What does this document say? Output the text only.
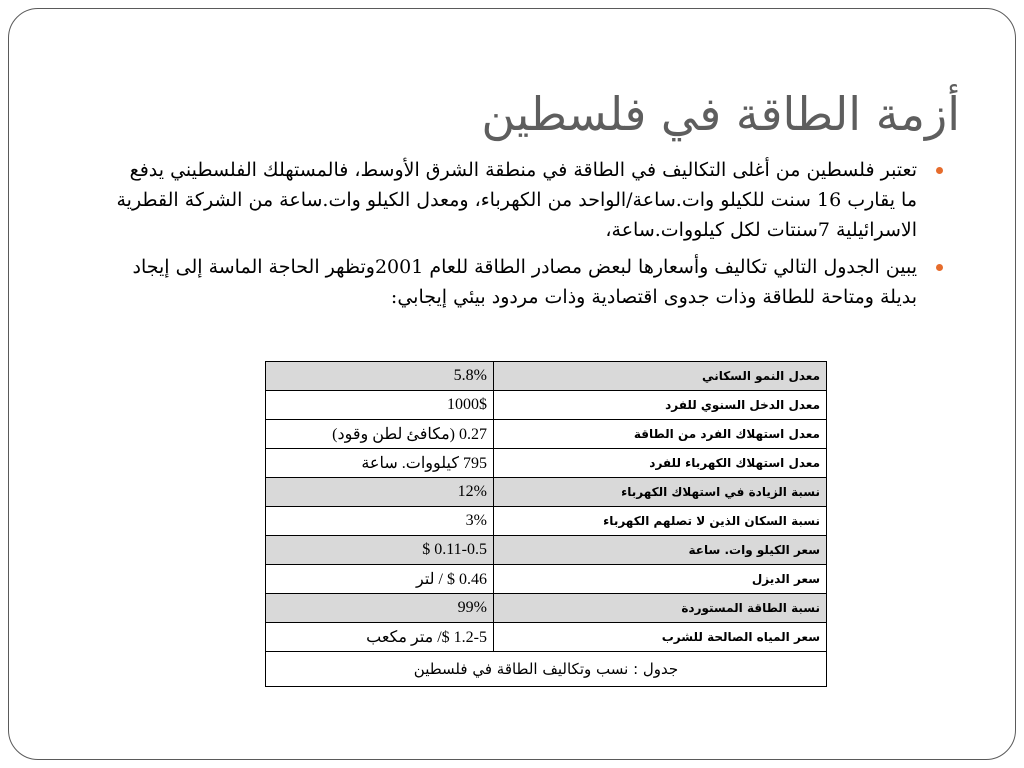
أزمة الطاقة في فلسطين
تعتبر فلسطين من أغلى التكاليف في الطاقة في منطقة الشرق الأوسط، فالمستهلك الفلسطيني يدفع ما يقارب 16 سنت للكيلو وات.ساعة/الواحد من الكهرباء، ومعدل الكيلو وات.ساعة من الشركة القطرية الاسرائيلية 7سنتات لكل كيلووات.ساعة،
يبين الجدول التالي تكاليف وأسعارها لبعض مصادر الطاقة للعام 2001وتظهر الحاجة الماسة إلى إيجاد بديلة ومتاحة للطاقة وذات جدوى اقتصادية وذات مردود بيئي إيجابي:
معدل النمو السكاني	5.8%
معدل الدخل السنوي للفرد	1000$
معدل استهلاك الفرد من الطاقة	0.27 (مكافئ لطن وقود)
معدل استهلاك الكهرباء للفرد	795 كيلووات. ساعة
نسبة الزيادة في استهلاك الكهرباء	12%
نسبة السكان الذين لا تصلهم الكهرباء	3%
سعر الكيلو وات. ساعة	0.11-0.5 $
سعر الديزل	0.46 $ / لتر
نسبة الطاقة المستوردة	99%
سعر المياه الصالحة للشرب	1.2-5 $/ متر مكعب
جدول : نسب وتكاليف الطاقة في فلسطين	
